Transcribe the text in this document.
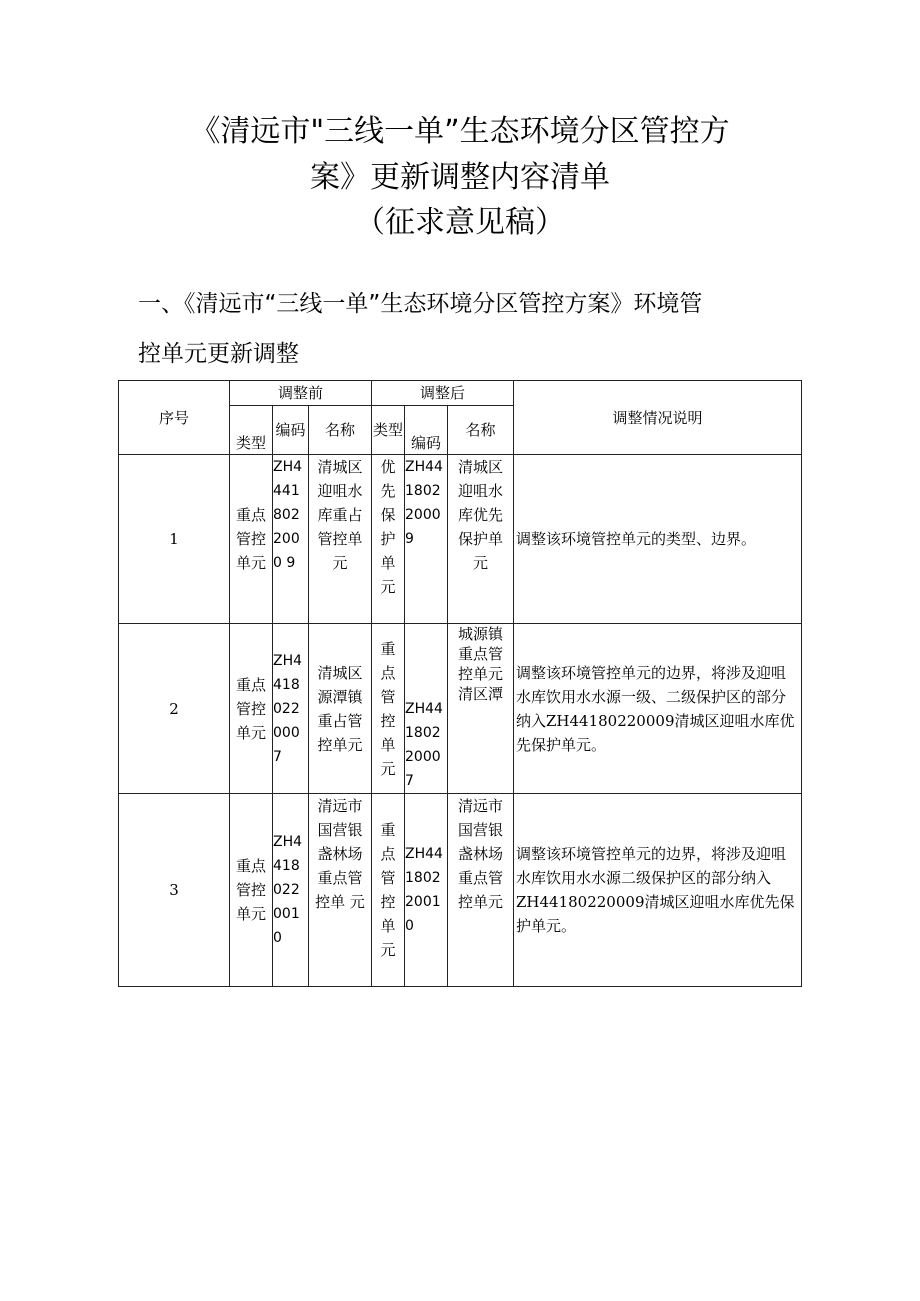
《清远市"三线一单”生态环境分区管控方
案》更新调整内容清单
（征求意见稿）
一、《清远市“三线一单”生态环境分区管控方案》环境管
控单元更新调整
序号	调整前			调整后			调整情况说明
	类型	编码	名称	类型	编码	名称	
1	重点管控单元	ZH44418022000 9	清城区迎咀水库重占管控单元	优先保护单元	ZH4418022000 9	清城区迎咀水库优先保护单元	调整该环境管控单元的类型、边界。
2	重点管控单元	ZH4418022000 7	清城区源潭镇重占管控单元	重点管控单元	ZH44180220007	城源镇 重点管控单元 清区潭	调整该环境管控单元的边界，将涉及迎咀水库饮用水水源一级、二级保护区的部分纳入ZH44180220009清城区迎咀水库优先保护单元。
3	重点管控单元	ZH4418022001 0	清远市国营银盏林场重点管控单 元	重点管控单元	ZH4418022001 0	清远市国营银盏林场重点管控单元	调整该环境管控单元的边界，将涉及迎咀水库饮用水水源二级保护区的部分纳入ZH44180220009清城区迎咀水库优先保护单元。
